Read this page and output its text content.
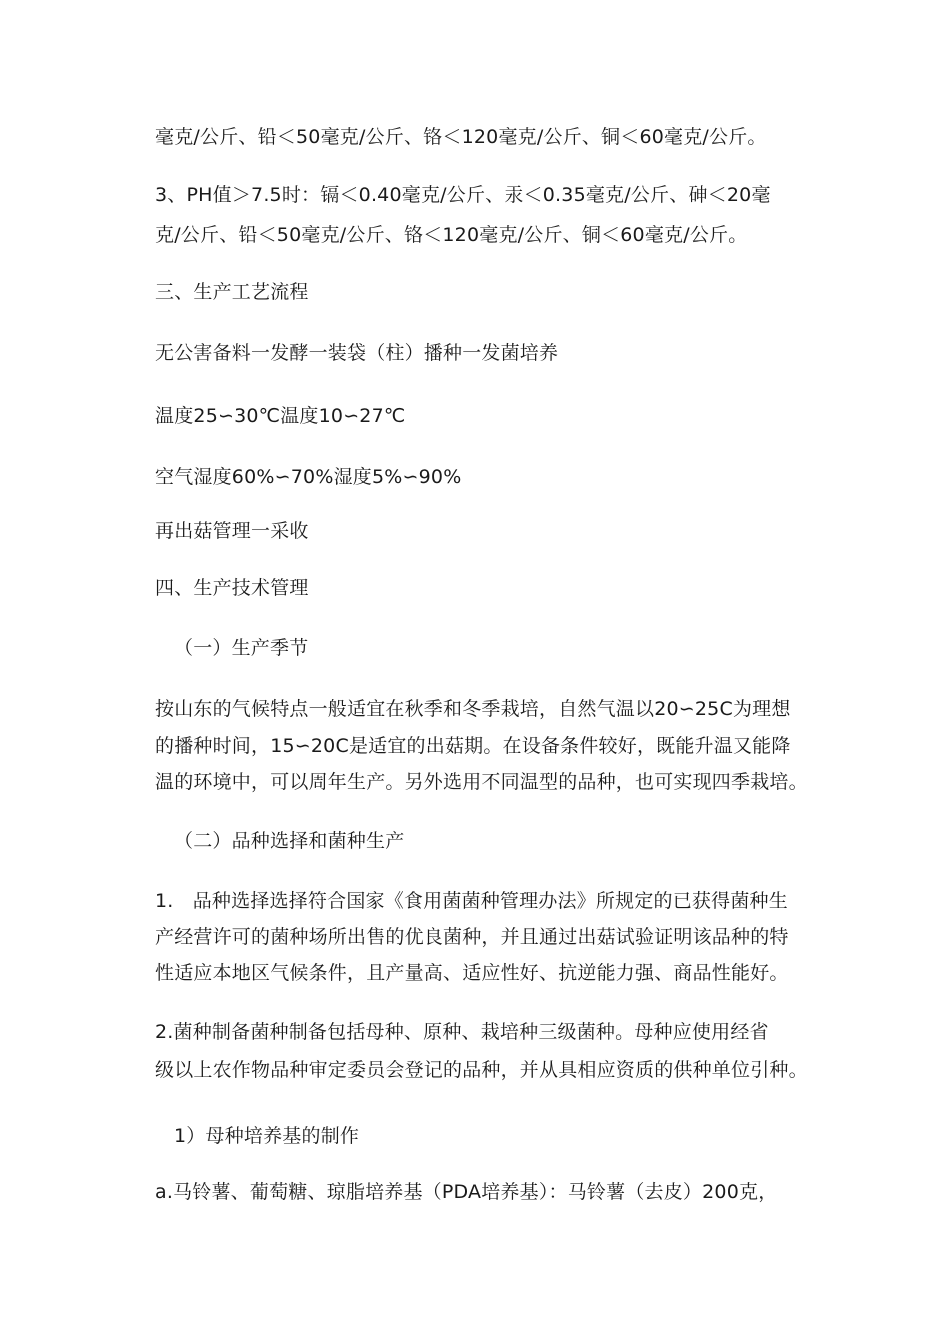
毫克/公斤、铅＜50毫克/公斤、铬＜120毫克/公斤、铜＜60毫克/公斤。
3、PH值＞7.5时：镉＜0.40毫克/公斤、汞＜0.35毫克/公斤、砷＜20毫
克/公斤、铅＜50毫克/公斤、铬＜120毫克/公斤、铜＜60毫克/公斤。
三、生产工艺流程
无公害备料一发酵一装袋（柱）播种一发菌培养
温度25∽30℃温度10∽27℃
空气湿度60%∽70%湿度5%∽90%
再出菇管理一采收
四、生产技术管理
（一）生产季节
按山东的气候特点一般适宜在秋季和冬季栽培，自然气温以20∽25C为理想
的播种时间，15∽20C是适宜的出菇期。在设备条件较好，既能升温又能降
温的环境中，可以周年生产。另外选用不同温型的品种，也可实现四季栽培。
（二）品种选择和菌种生产
1.　品种选择选择符合国家《食用菌菌种管理办法》所规定的已获得菌种生
产经营许可的菌种场所出售的优良菌种，并且通过出菇试验证明该品种的特
性适应本地区气候条件，且产量高、适应性好、抗逆能力强、商品性能好。
2.菌种制备菌种制备包括母种、原种、栽培种三级菌种。母种应使用经省
级以上农作物品种审定委员会登记的品种，并从具相应资质的供种单位引种。
1）母种培养基的制作
a.马铃薯、葡萄糖、琼脂培养基（PDA培养基）：马铃薯（去皮）200克，
